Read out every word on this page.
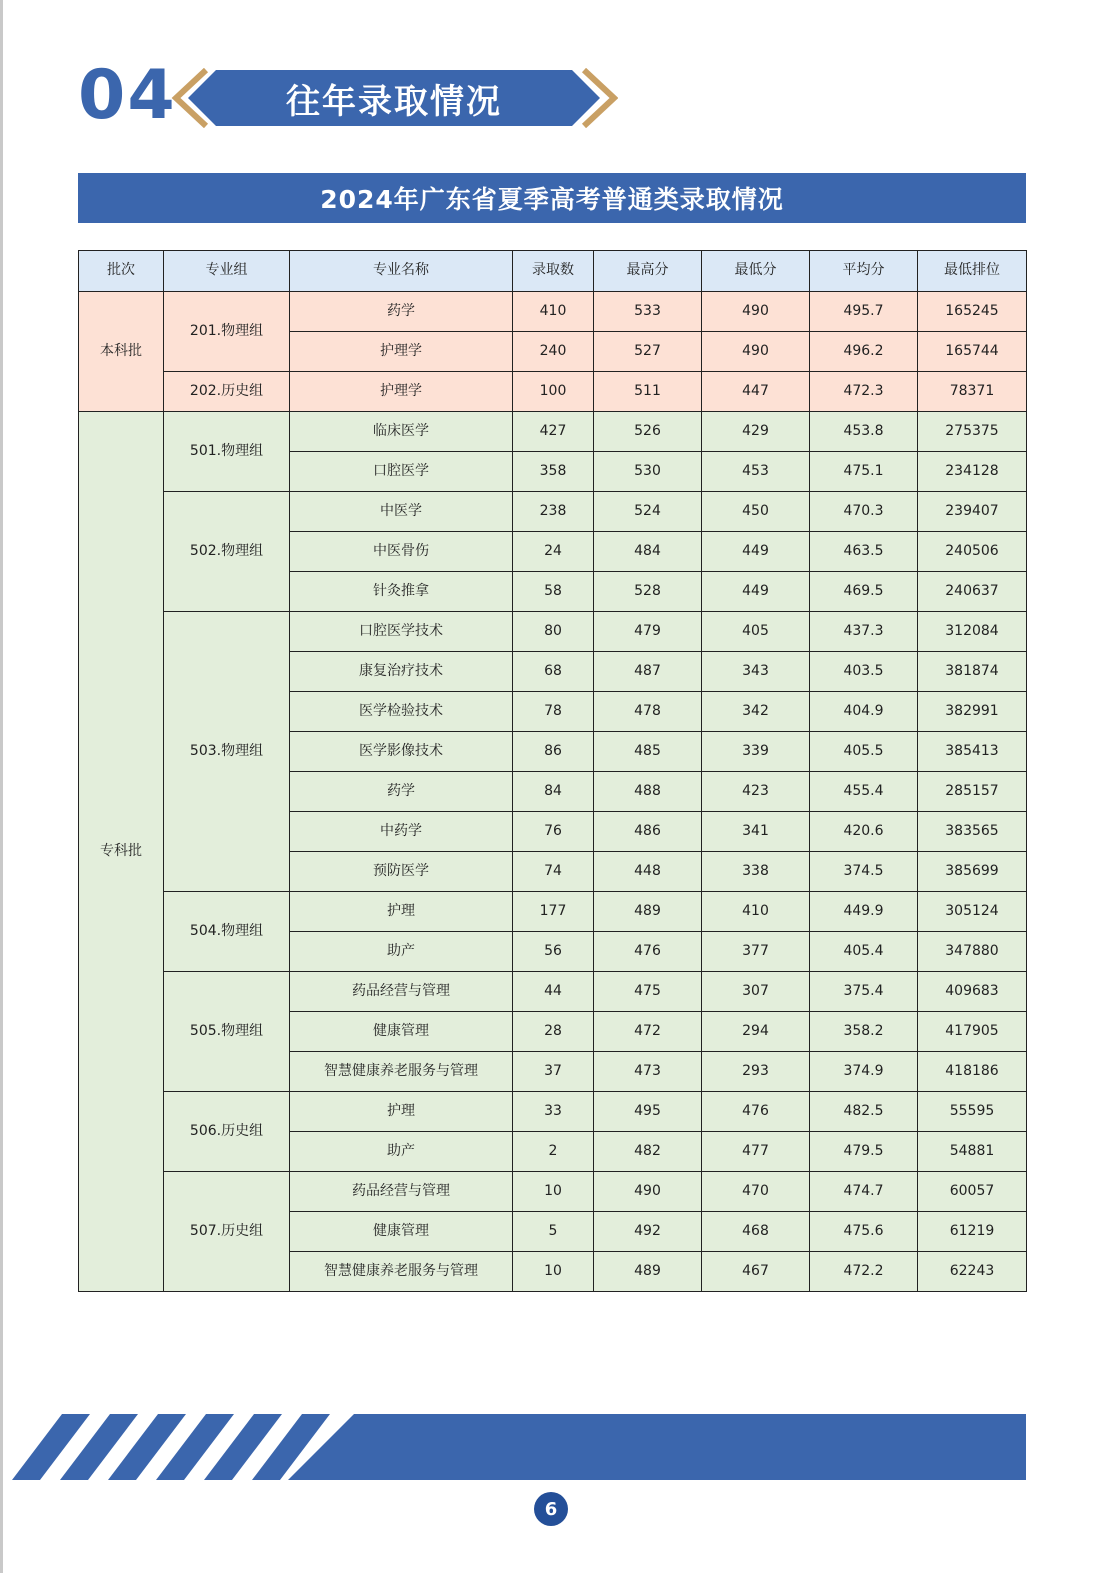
04	往年录取情况
2024年广东省夏季高考普通类录取情况
批次	专业组	专业名称	录取数	最高分	最低分	平均分	最低排位
本科批	201.物理组	药学	410	533	490	495.7	165245
		护理学	240	527	490	496.2	165744
	202.历史组	护理学	100	511	447	472.3	78371
专科批	501.物理组	临床医学	427	526	429	453.8	275375
		口腔医学	358	530	453	475.1	234128
	502.物理组	中医学	238	524	450	470.3	239407
		中医骨伤	24	484	449	463.5	240506
		针灸推拿	58	528	449	469.5	240637
	503.物理组	口腔医学技术	80	479	405	437.3	312084
		康复治疗技术	68	487	343	403.5	381874
		医学检验技术	78	478	342	404.9	382991
		医学影像技术	86	485	339	405.5	385413
		药学	84	488	423	455.4	285157
		中药学	76	486	341	420.6	383565
		预防医学	74	448	338	374.5	385699
	504.物理组	护理	177	489	410	449.9	305124
		助产	56	476	377	405.4	347880
	505.物理组	药品经营与管理	44	475	307	375.4	409683
		健康管理	28	472	294	358.2	417905
		智慧健康养老服务与管理	37	473	293	374.9	418186
	506.历史组	护理	33	495	476	482.5	55595
		助产	2	482	477	479.5	54881
	507.历史组	药品经营与管理	10	490	470	474.7	60057
		健康管理	5	492	468	475.6	61219
		智慧健康养老服务与管理	10	489	467	472.2	62243
6
